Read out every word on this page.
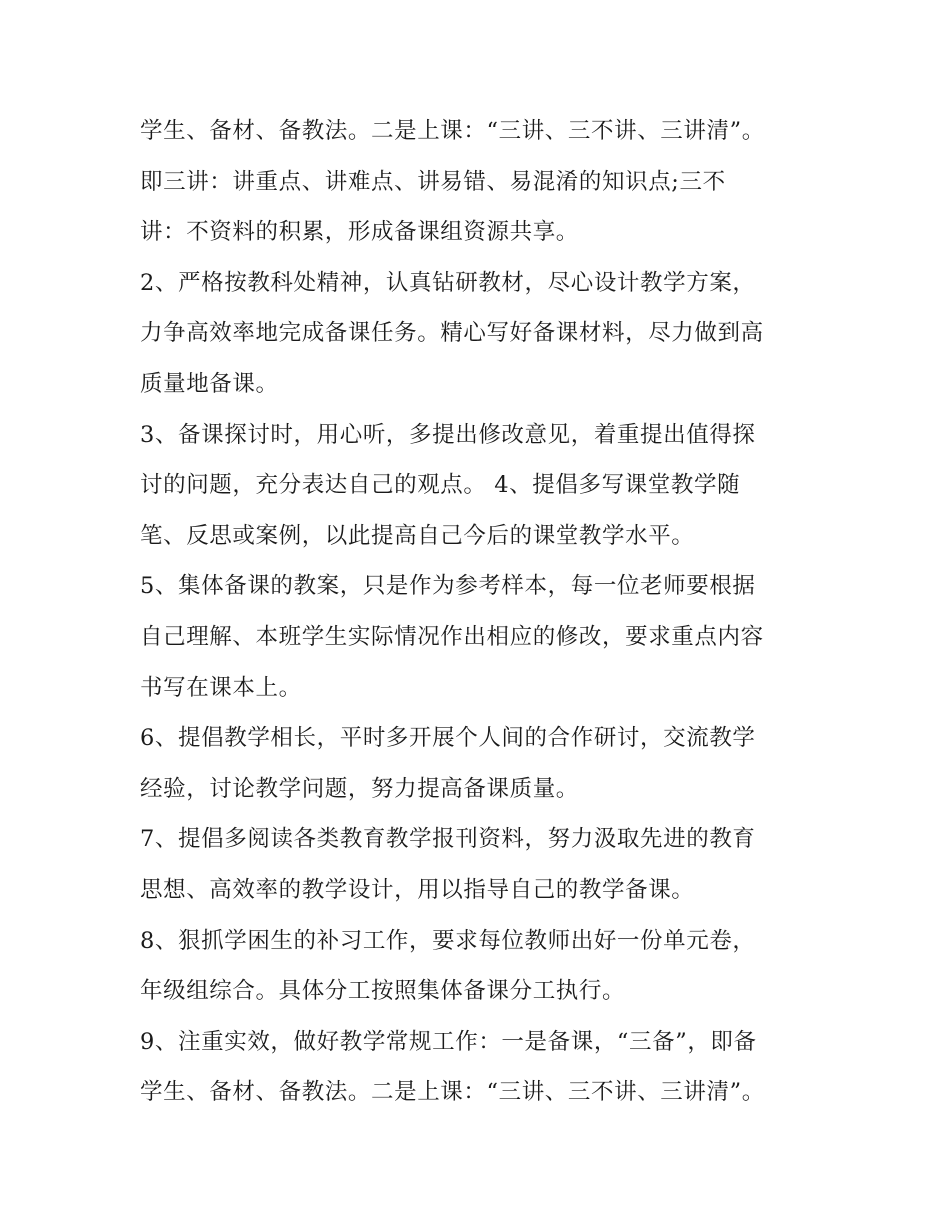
学生、备材、备教法。二是上课：“三讲、三不讲、三讲清”。
即三讲：讲重点、讲难点、讲易错、易混淆的知识点;三不
讲：不资料的积累，形成备课组资源共享。
2、严格按教科处精神，认真钻研教材，尽心设计教学方案，
力争高效率地完成备课任务。精心写好备课材料，尽力做到高
质量地备课。
3、备课探讨时，用心听，多提出修改意见，着重提出值得探
讨的问题，充分表达自己的观点。 4、提倡多写课堂教学随
笔、反思或案例，以此提高自己今后的课堂教学水平。
5、集体备课的教案，只是作为参考样本，每一位老师要根据
自己理解、本班学生实际情况作出相应的修改，要求重点内容
书写在课本上。
6、提倡教学相长，平时多开展个人间的合作研讨，交流教学
经验，讨论教学问题，努力提高备课质量。
7、提倡多阅读各类教育教学报刊资料，努力汲取先进的教育
思想、高效率的教学设计，用以指导自己的教学备课。
8、狠抓学困生的补习工作，要求每位教师出好一份单元卷，
年级组综合。具体分工按照集体备课分工执行。
9、注重实效，做好教学常规工作：一是备课，“三备”，即备
学生、备材、备教法。二是上课：“三讲、三不讲、三讲清”。
